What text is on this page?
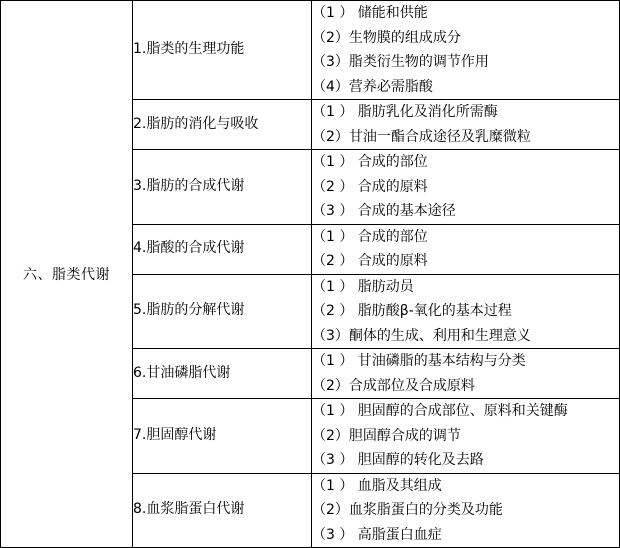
六、脂类代谢	1.脂类的生理功能	（1 ） 储能和供能
（2）生物膜的组成成分
（3）脂类衍生物的调节作用
（4）营养必需脂酸

	2.脂肪的消化与吸收	（1 ） 脂肪乳化及消化所需酶
（2）甘油一酯合成途径及乳糜微粒

	3.脂肪的合成代谢	（1 ） 合成的部位
（2 ） 合成的原料
（3 ） 合成的基本途径

	4.脂酸的合成代谢	（1 ） 合成的部位
（2 ） 合成的原料

	5.脂肪的分解代谢	（1 ） 脂肪动员
（2 ） 脂肪酸β-氧化的基本过程
（3）酮体的生成、利用和生理意义

	6.甘油磷脂代谢	（1 ） 甘油磷脂的基本结构与分类
（2）合成部位及合成原料

	7.胆固醇代谢	（1 ） 胆固醇的合成部位、原料和关键酶
（2）胆固醇合成的调节
（3 ） 胆固醇的转化及去路

	8.血浆脂蛋白代谢	（1 ） 血脂及其组成
（2）血浆脂蛋白的分类及功能
（3 ） 高脂蛋白血症
